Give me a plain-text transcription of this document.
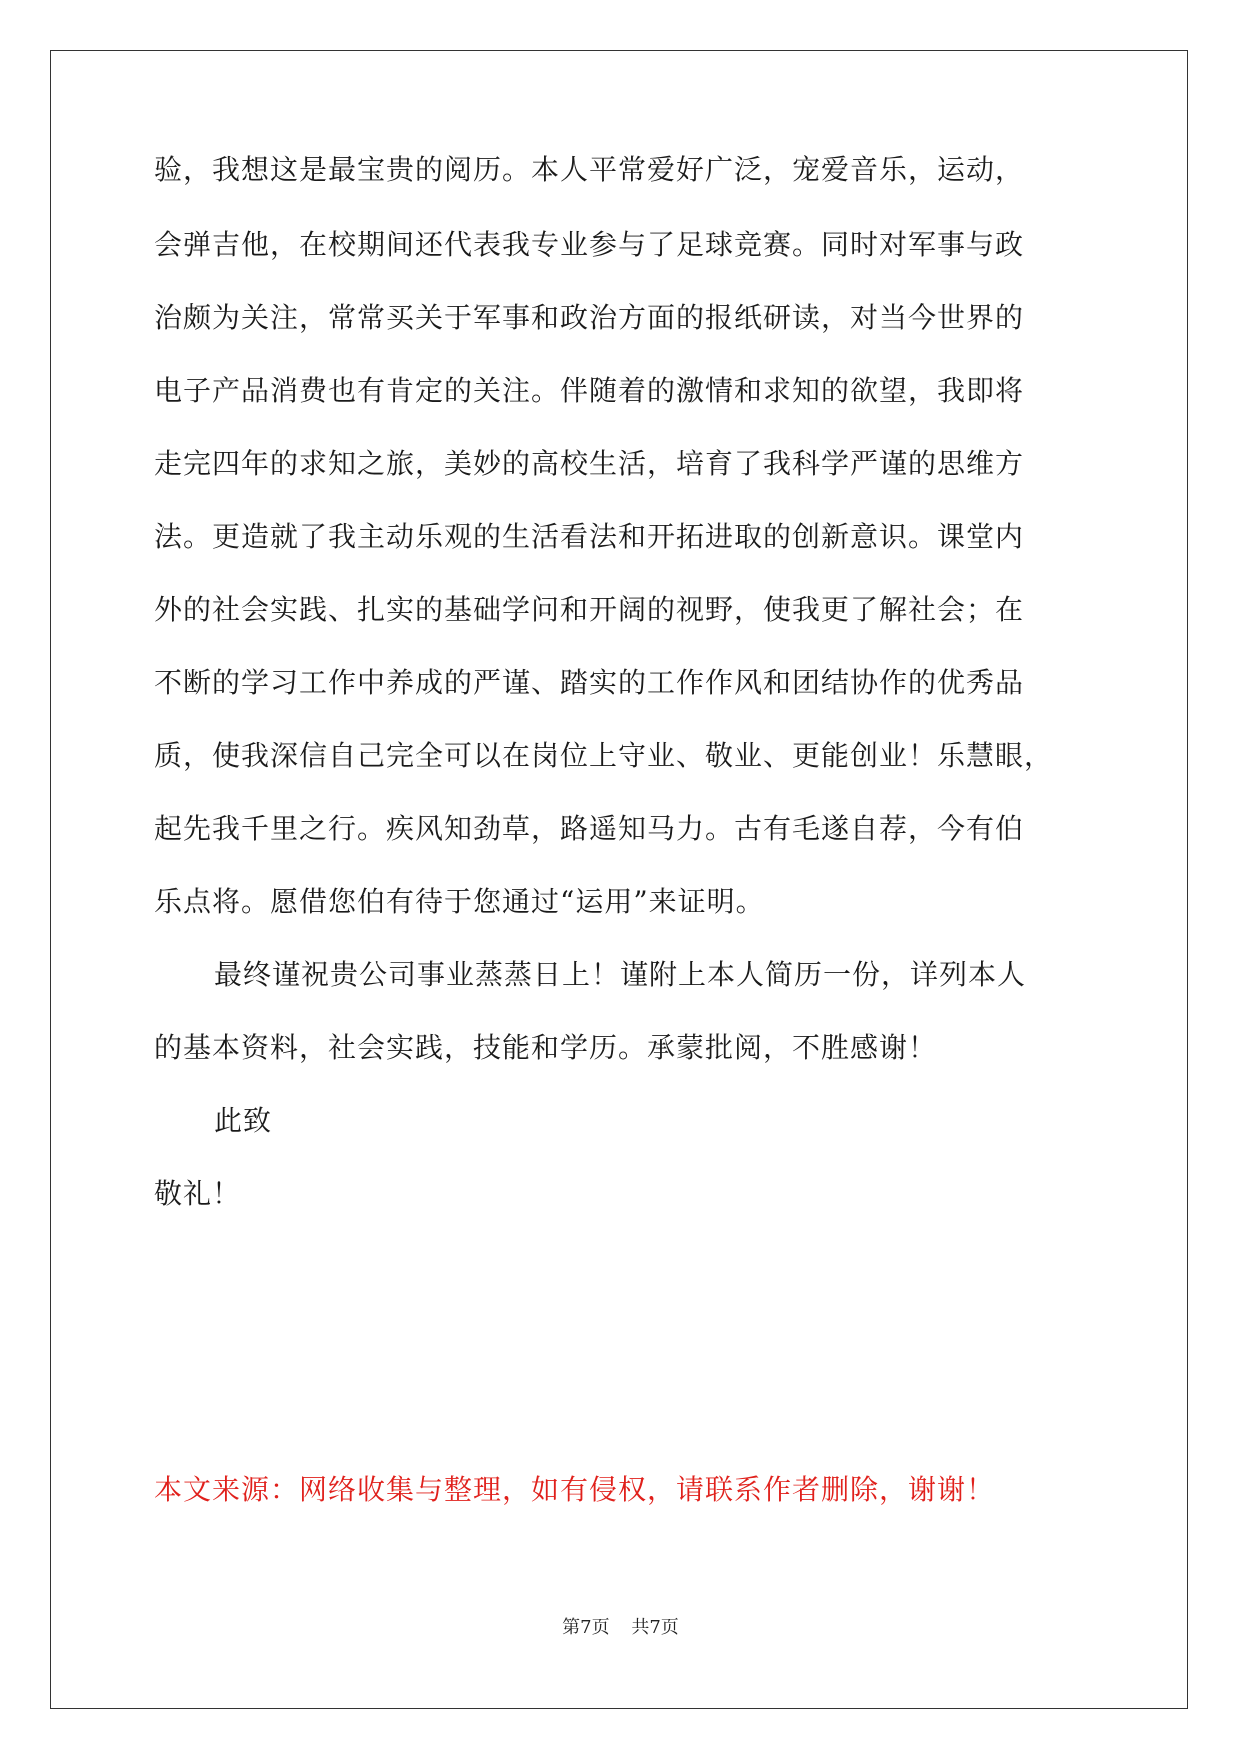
验，我想这是最宝贵的阅历。本人平常爱好广泛，宠爱音乐，运动，
会弹吉他，在校期间还代表我专业参与了足球竞赛。同时对军事与政
治颇为关注，常常买关于军事和政治方面的报纸研读，对当今世界的
电子产品消费也有肯定的关注。伴随着的激情和求知的欲望，我即将
走完四年的求知之旅，美妙的高校生活，培育了我科学严谨的思维方
法。更造就了我主动乐观的生活看法和开拓进取的创新意识。课堂内
外的社会实践、扎实的基础学问和开阔的视野，使我更了解社会；在
不断的学习工作中养成的严谨、踏实的工作作风和团结协作的优秀品
质，使我深信自己完全可以在岗位上守业、敬业、更能创业！乐慧眼，
起先我千里之行。疾风知劲草，路遥知马力。古有毛遂自荐，今有伯
乐点将。愿借您伯有待于您通过“运用”来证明。
最终谨祝贵公司事业蒸蒸日上！谨附上本人简历一份，详列本人
的基本资料，社会实践，技能和学历。承蒙批阅，不胜感谢！
此致
敬礼！
本文来源：网络收集与整理，如有侵权，请联系作者删除，谢谢！
第7页 共7页
